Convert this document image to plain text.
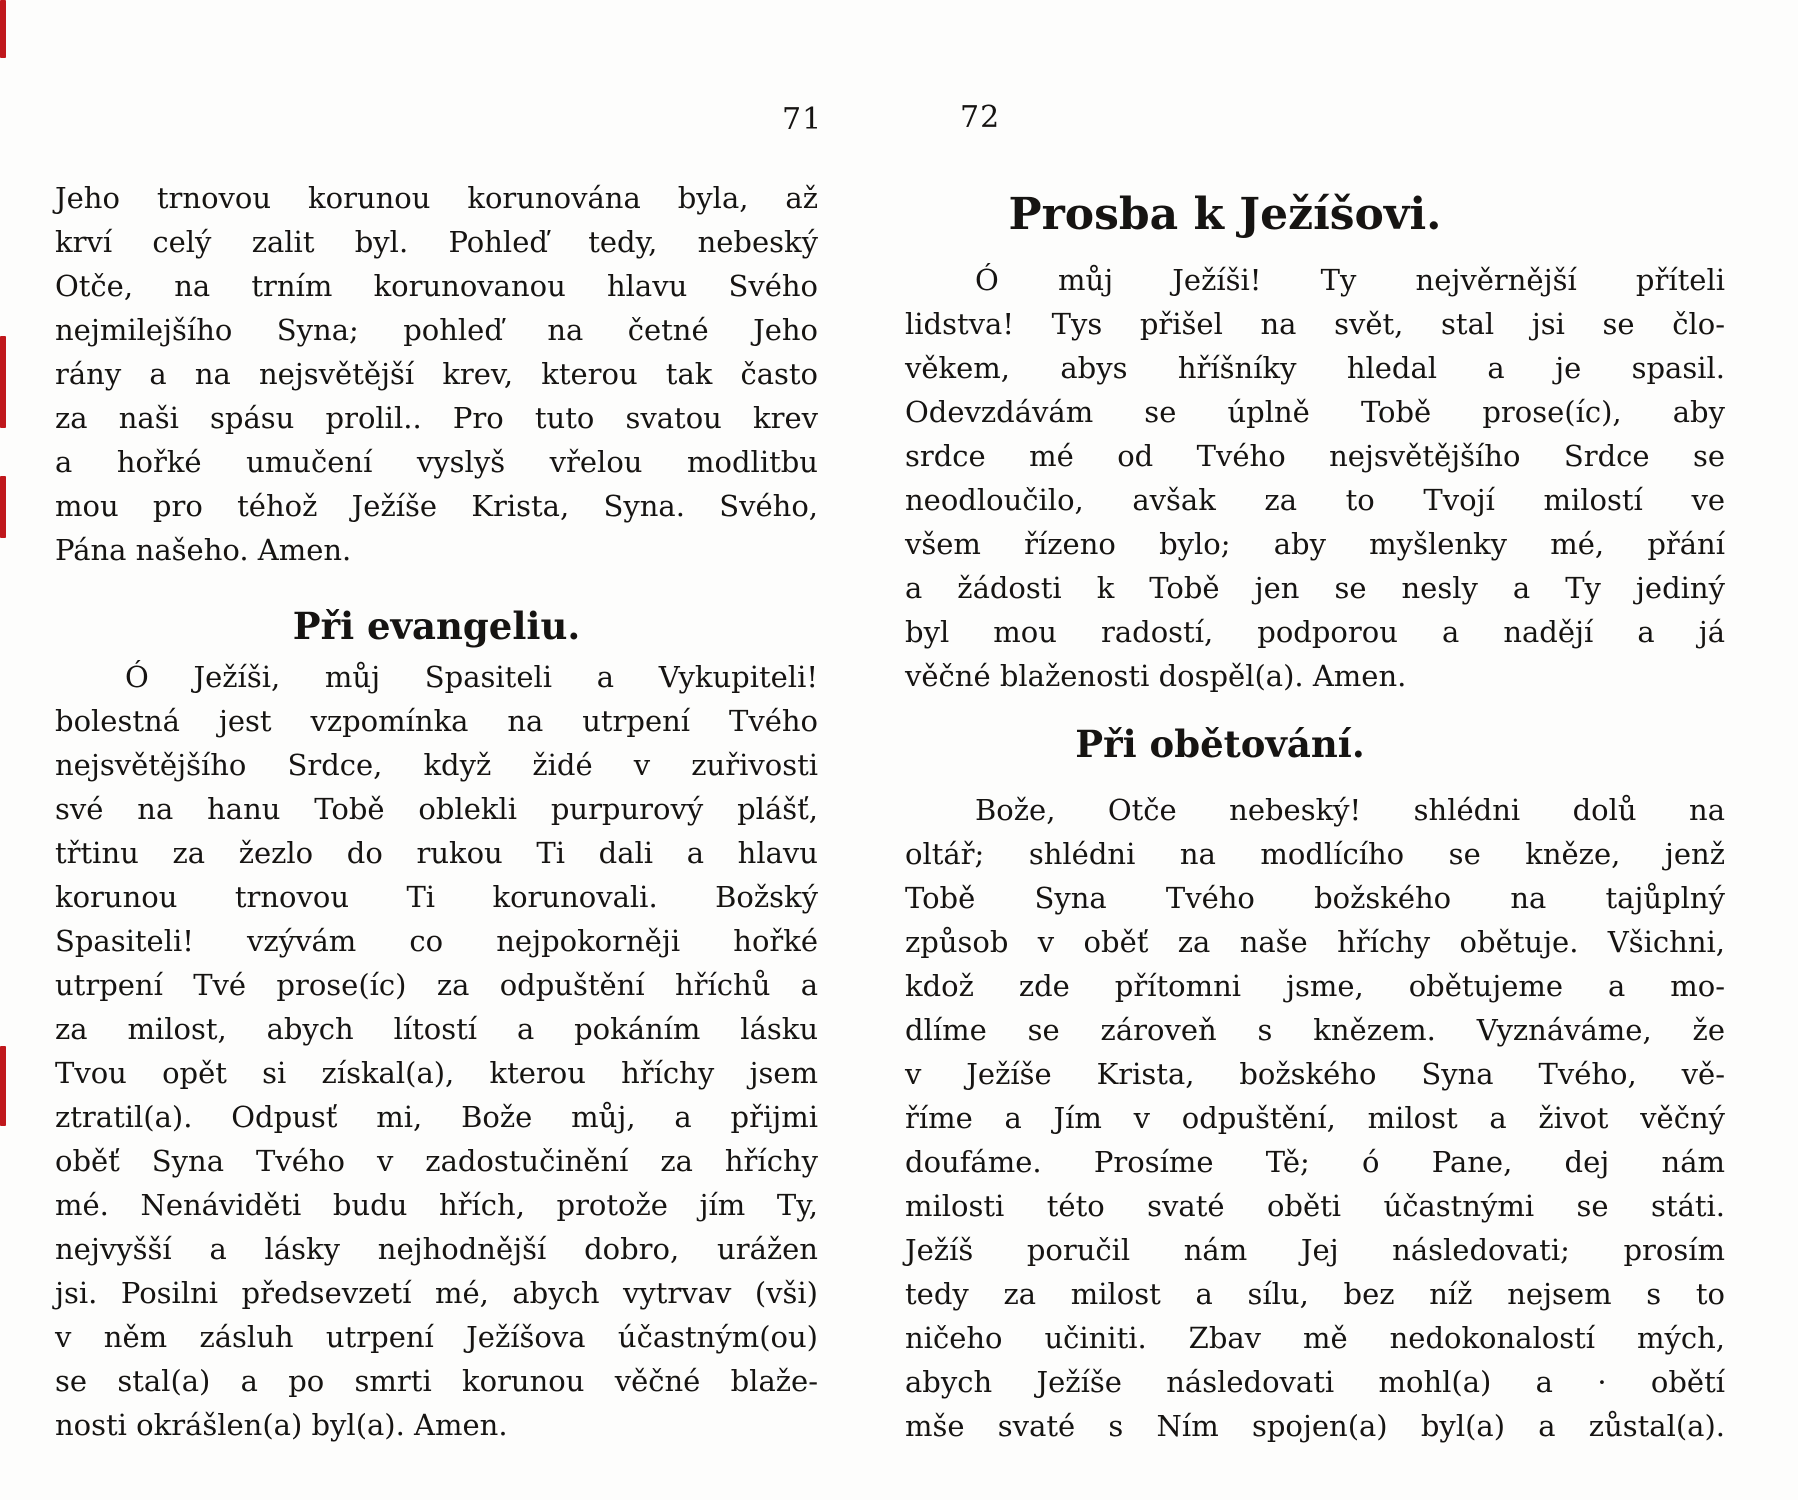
71	72
Jeho trnovou korunou korunována byla, až
krví celý zalit byl. Pohleď tedy, nebeský
Otče, na trním korunovanou hlavu Svého
nejmilejšího Syna; pohleď na četné Jeho
rány a na nejsvětější krev, kterou tak často
za naši spásu prolil.. Pro tuto svatou krev
a hořké umučení vyslyš vřelou modlitbu
mou pro téhož Ježíše Krista, Syna. Svého,
Pána našeho. Amen.
Při evangeliu.
Ó Ježíši, můj Spasiteli a Vykupiteli!
bolestná jest vzpomínka na utrpení Tvého
nejsvětějšího Srdce, když židé v zuřivosti
své na hanu Tobě oblekli purpurový plášť,
třtinu za žezlo do rukou Ti dali a hlavu
korunou trnovou Ti korunovali. Božský
Spasiteli! vzývám co nejpokorněji hořké
utrpení Tvé prose(íc) za odpuštění hříchů a
za milost, abych lítostí a pokáním lásku
Tvou opět si získal(a), kterou hříchy jsem
ztratil(a). Odpusť mi, Bože můj, a přijmi
oběť Syna Tvého v zadostučinění za hříchy
mé. Nenáviděti budu hřích, protože jím Ty,
nejvyšší a lásky nejhodnější dobro, urážen
jsi. Posilni předsevzetí mé, abych vytrvav (vši)
v něm zásluh utrpení Ježíšova účastným(ou)
se stal(a) a po smrti korunou věčné blaže-
nosti okrášlen(a) byl(a). Amen.
Prosba k Ježíšovi.
Ó můj Ježíši! Ty nejvěrnější příteli
lidstva! Tys přišel na svět, stal jsi se člo-
věkem, abys hříšníky hledal a je spasil.
Odevzdávám se úplně Tobě prose(íc), aby
srdce mé od Tvého nejsvětějšího Srdce se
neodloučilo, avšak za to Tvojí milostí ve
všem řízeno bylo; aby myšlenky mé, přání
a žádosti k Tobě jen se nesly a Ty jediný
byl mou radostí, podporou a nadějí a já
věčné blaženosti dospěl(a). Amen.
Při obětování.
Bože, Otče nebeský! shlédni dolů na
oltář; shlédni na modlícího se kněze, jenž
Tobě Syna Tvého božského na tajůplný
způsob v oběť za naše hříchy obětuje. Všichni,
kdož zde přítomni jsme, obětujeme a mo-
dlíme se zároveň s knězem. Vyznáváme, že
v Ježíše Krista, božského Syna Tvého, vě-
říme a Jím v odpuštění, milost a život věčný
doufáme. Prosíme Tě; ó Pane, dej nám
milosti této svaté oběti účastnými se státi.
Ježíš poručil nám Jej následovati; prosím
tedy za milost a sílu, bez níž nejsem s to
ničeho učiniti. Zbav mě nedokonalostí mých,
abych Ježíše následovati mohl(a) a · obětí
mše svaté s Ním spojen(a) byl(a) a zůstal(a).
